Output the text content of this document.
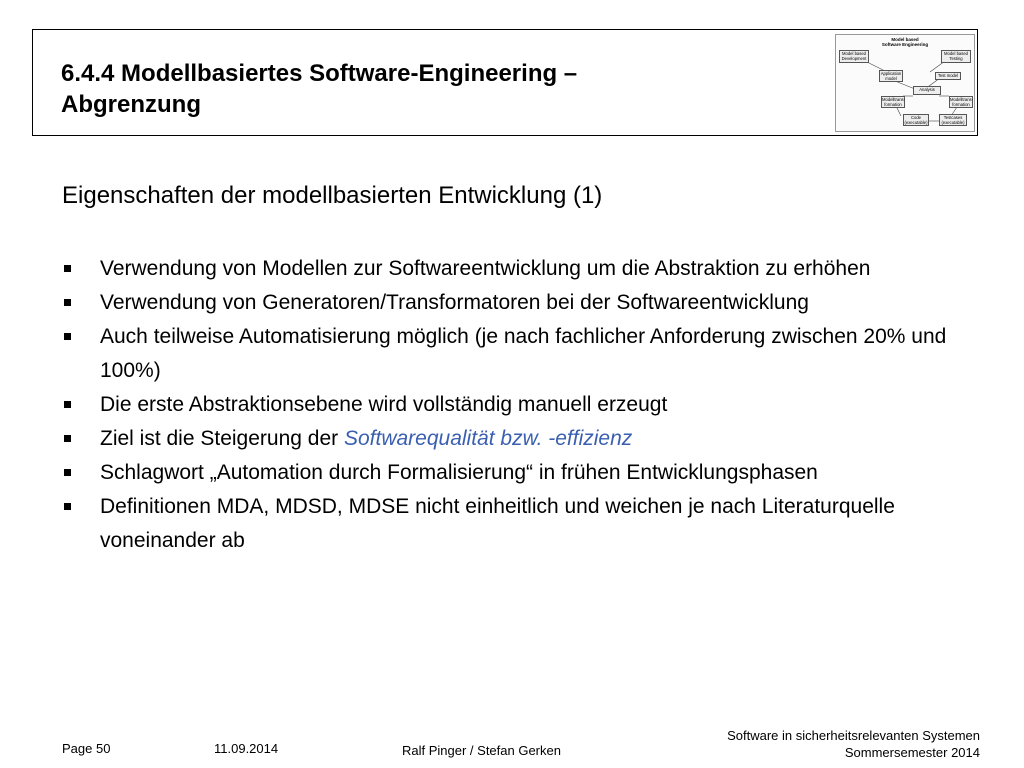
6.4.4 Modellbasiertes Software-Engineering –
Abgrenzung
Model based
Software Engineering
Model based
Development
Model based
Testing
Application
model
Test model
Analysis
Modelltrans-
formation
Modelltrans-
formation
Code
(executable)
Testcases
(executable)
Eigenschaften der modellbasierten Entwicklung (1)
Verwendung von Modellen zur Softwareentwicklung um die Abstraktion zu erhöhen
Verwendung von Generatoren/Transformatoren bei der Softwareentwicklung
Auch teilweise Automatisierung möglich (je nach fachlicher Anforderung zwischen 20% und 100%)
Die erste Abstraktionsebene wird vollständig manuell erzeugt
Ziel ist die Steigerung der Softwarequalität bzw. -effizienz
Schlagwort „Automation durch Formalisierung“ in frühen Entwicklungsphasen
Definitionen MDA, MDSD, MDSE nicht einheitlich und weichen je nach Literaturquelle voneinander ab
Page 50	11.09.2014	Ralf Pinger / Stefan Gerken
Software in sicherheitsrelevanten Systemen
Sommersemester 2014
